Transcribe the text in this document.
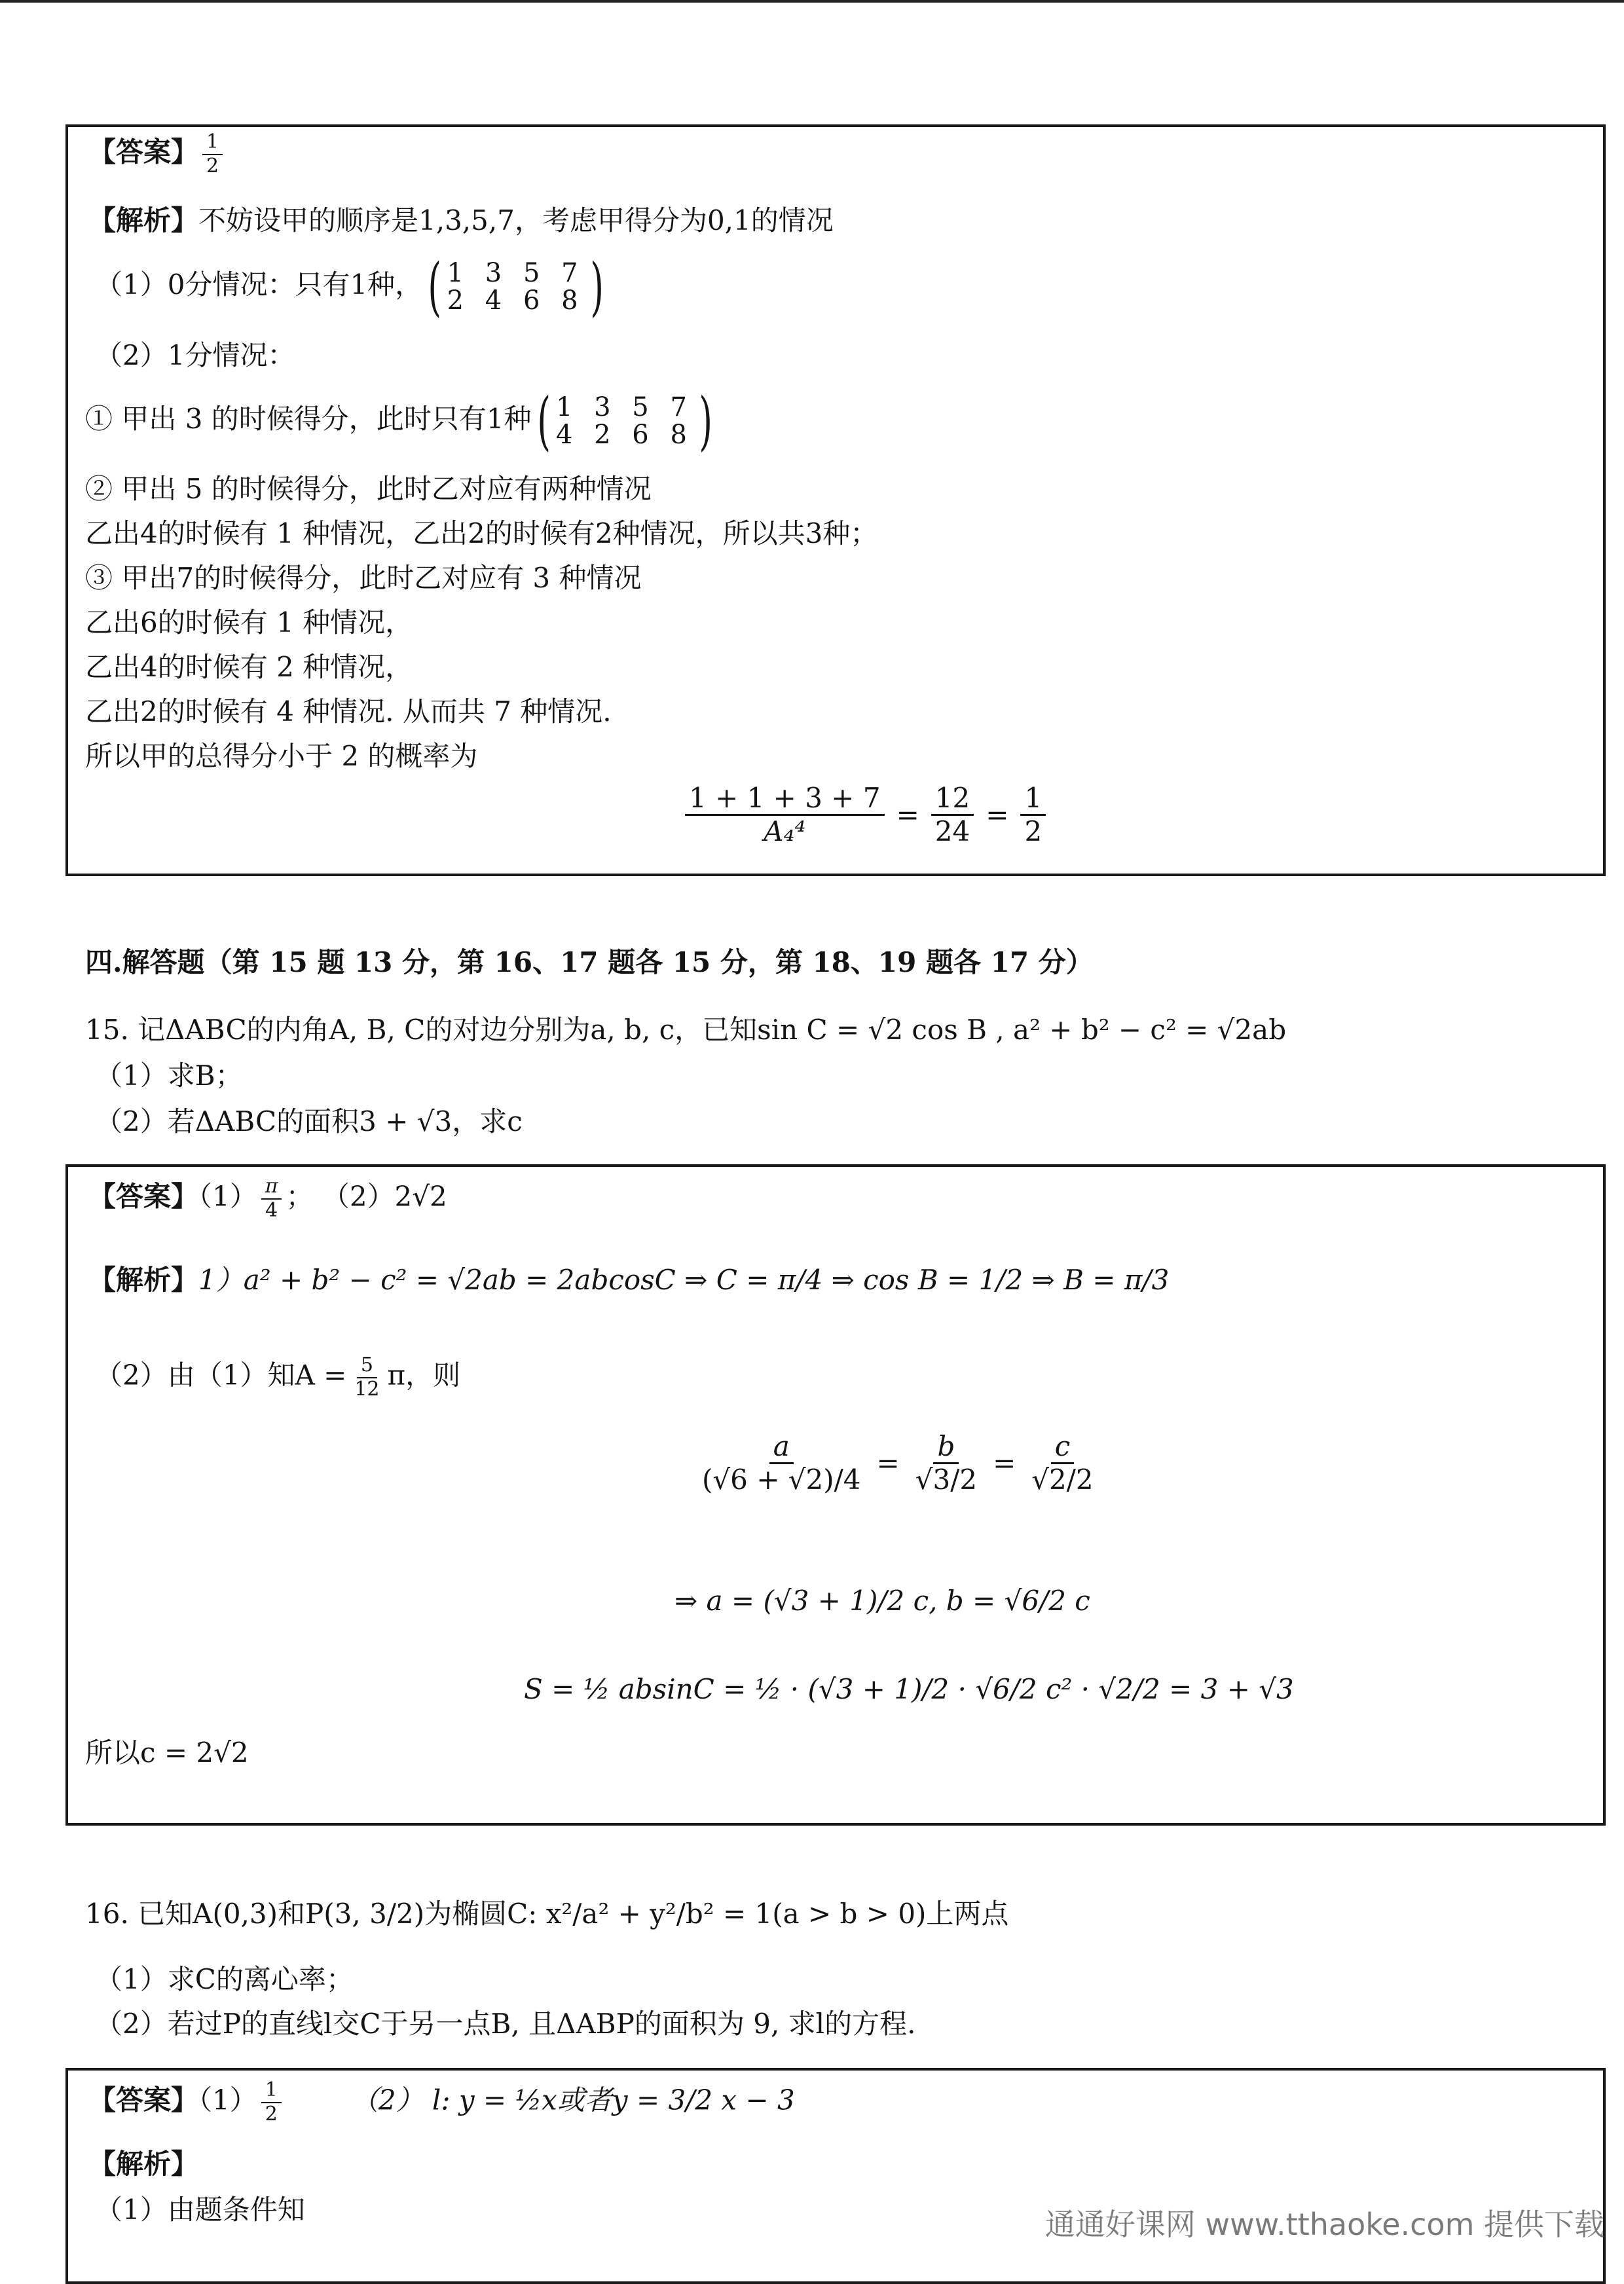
【答案】 $\frac{1}{2}$
【解析】不妨设甲的顺序是1,3,5,7，考虑甲得分为0,1的情况
（1）0分情况：只有1种， ( 1 3 5 7
2 4 6 8 )
（2）1分情况：
① 甲出 3 的时候得分，此时只有1种 ( 1 3 5 7
4 2 6 8 )
② 甲出 5 的时候得分，此时乙对应有两种情况
乙出4的时候有 1 种情况，乙出2的时候有2种情况，所以共3种；
③ 甲出7的时候得分，此时乙对应有 3 种情况
乙出6的时候有 1 种情况，
乙出4的时候有 2 种情况，
乙出2的时候有 4 种情况. 从而共 7 种情况.
所以甲的总得分小于 2 的概率为
$\frac{1 + 1 + 3 + 7}{\text{A₄⁴}} = \frac{12}{24} = \frac{1}{2}$
四.解答题（第 15 题 13 分，第 16、17 题各 15 分，第 18、19 题各 17 分）
15. 记ΔABC的内角A, B, C的对边分别为a, b, c，已知sin C = √2 cos B , a² + b² − c² = √2ab
（1）求B；
（2）若ΔABC的面积3 + √3，求c
【答案】$(1) \frac{\pi}{4}$ ； （2）2√2
【解析】1）a² + b² − c² = √2ab = 2abcosC ⇒ C = π/4 ⇒ cos B = 1/2 ⇒ B = π/3
（2）由（1）知$A = \frac{5}{12}$ π，则
$\frac{a}{(√6 + √2)/4} = \frac{b}{√3/2} = \frac{c}{√2/2}$
⇒ a = (√3 + 1)/2 c, b = √6/2 c
S = ½ absinC = ½ · (√3 + 1)/2 · √6/2 c² · √2/2 = 3 + √3
所以c = 2√2
16. 已知A(0,3)和P(3, 3/2)为椭圆C: x²/a² + y²/b² = 1(a > b > 0)上两点
（1）求C的离心率；
（2）若过P的直线l交C于另一点B, 且ΔABP的面积为 9, 求l的方程.
【答案】$(1) \frac{1}{2}$	（2） l: y = ½x或者y = 3/2 x − 3
【解析】
（1）由题条件知	通通好课网 www.tthaoke.com 提供下载
